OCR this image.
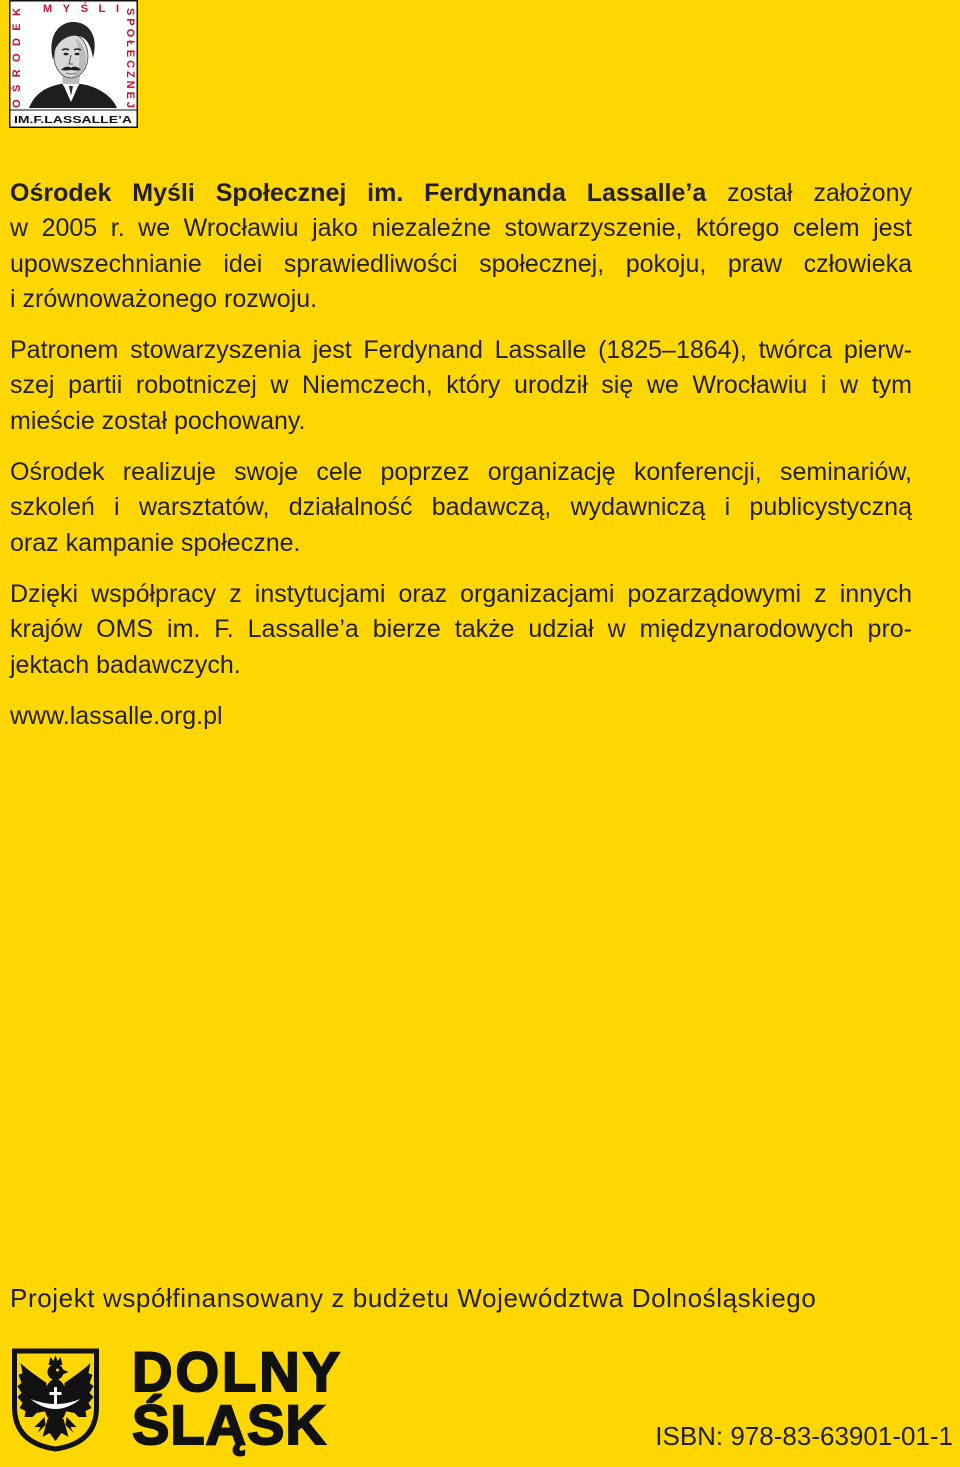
MYŚLI
OŚRODEK	SPOŁECZNEJ
IM.F.LASSALLE’A
Ośrodek Myśli Społecznej im. Ferdynanda Lassalle’a został założony
w 2005 r. we Wrocławiu jako niezależne stowarzyszenie, którego celem jest
upowszechnianie idei sprawiedliwości społecznej, pokoju, praw człowieka
i zrównoważonego rozwoju.
Patronem stowarzyszenia jest Ferdynand Lassalle (1825–1864), twórca pierw-
szej partii robotniczej w Niemczech, który urodził się we Wrocławiu i w tym
mieście został pochowany.
Ośrodek realizuje swoje cele poprzez organizację konferencji, seminariów,
szkoleń i warsztatów, działalność badawczą, wydawniczą i publicystyczną
oraz kampanie społeczne.
Dzięki współpracy z instytucjami oraz organizacjami pozarządowymi z innych
krajów OMS im. F. Lassalle’a bierze także udział w międzynarodowych pro-
jektach badawczych.
www.lassalle.org.pl
Projekt współfinansowany z budżetu Województwa Dolnośląskiego
DOLNY
ŚLĄSK	ISBN: 978-83-63901-01-1
